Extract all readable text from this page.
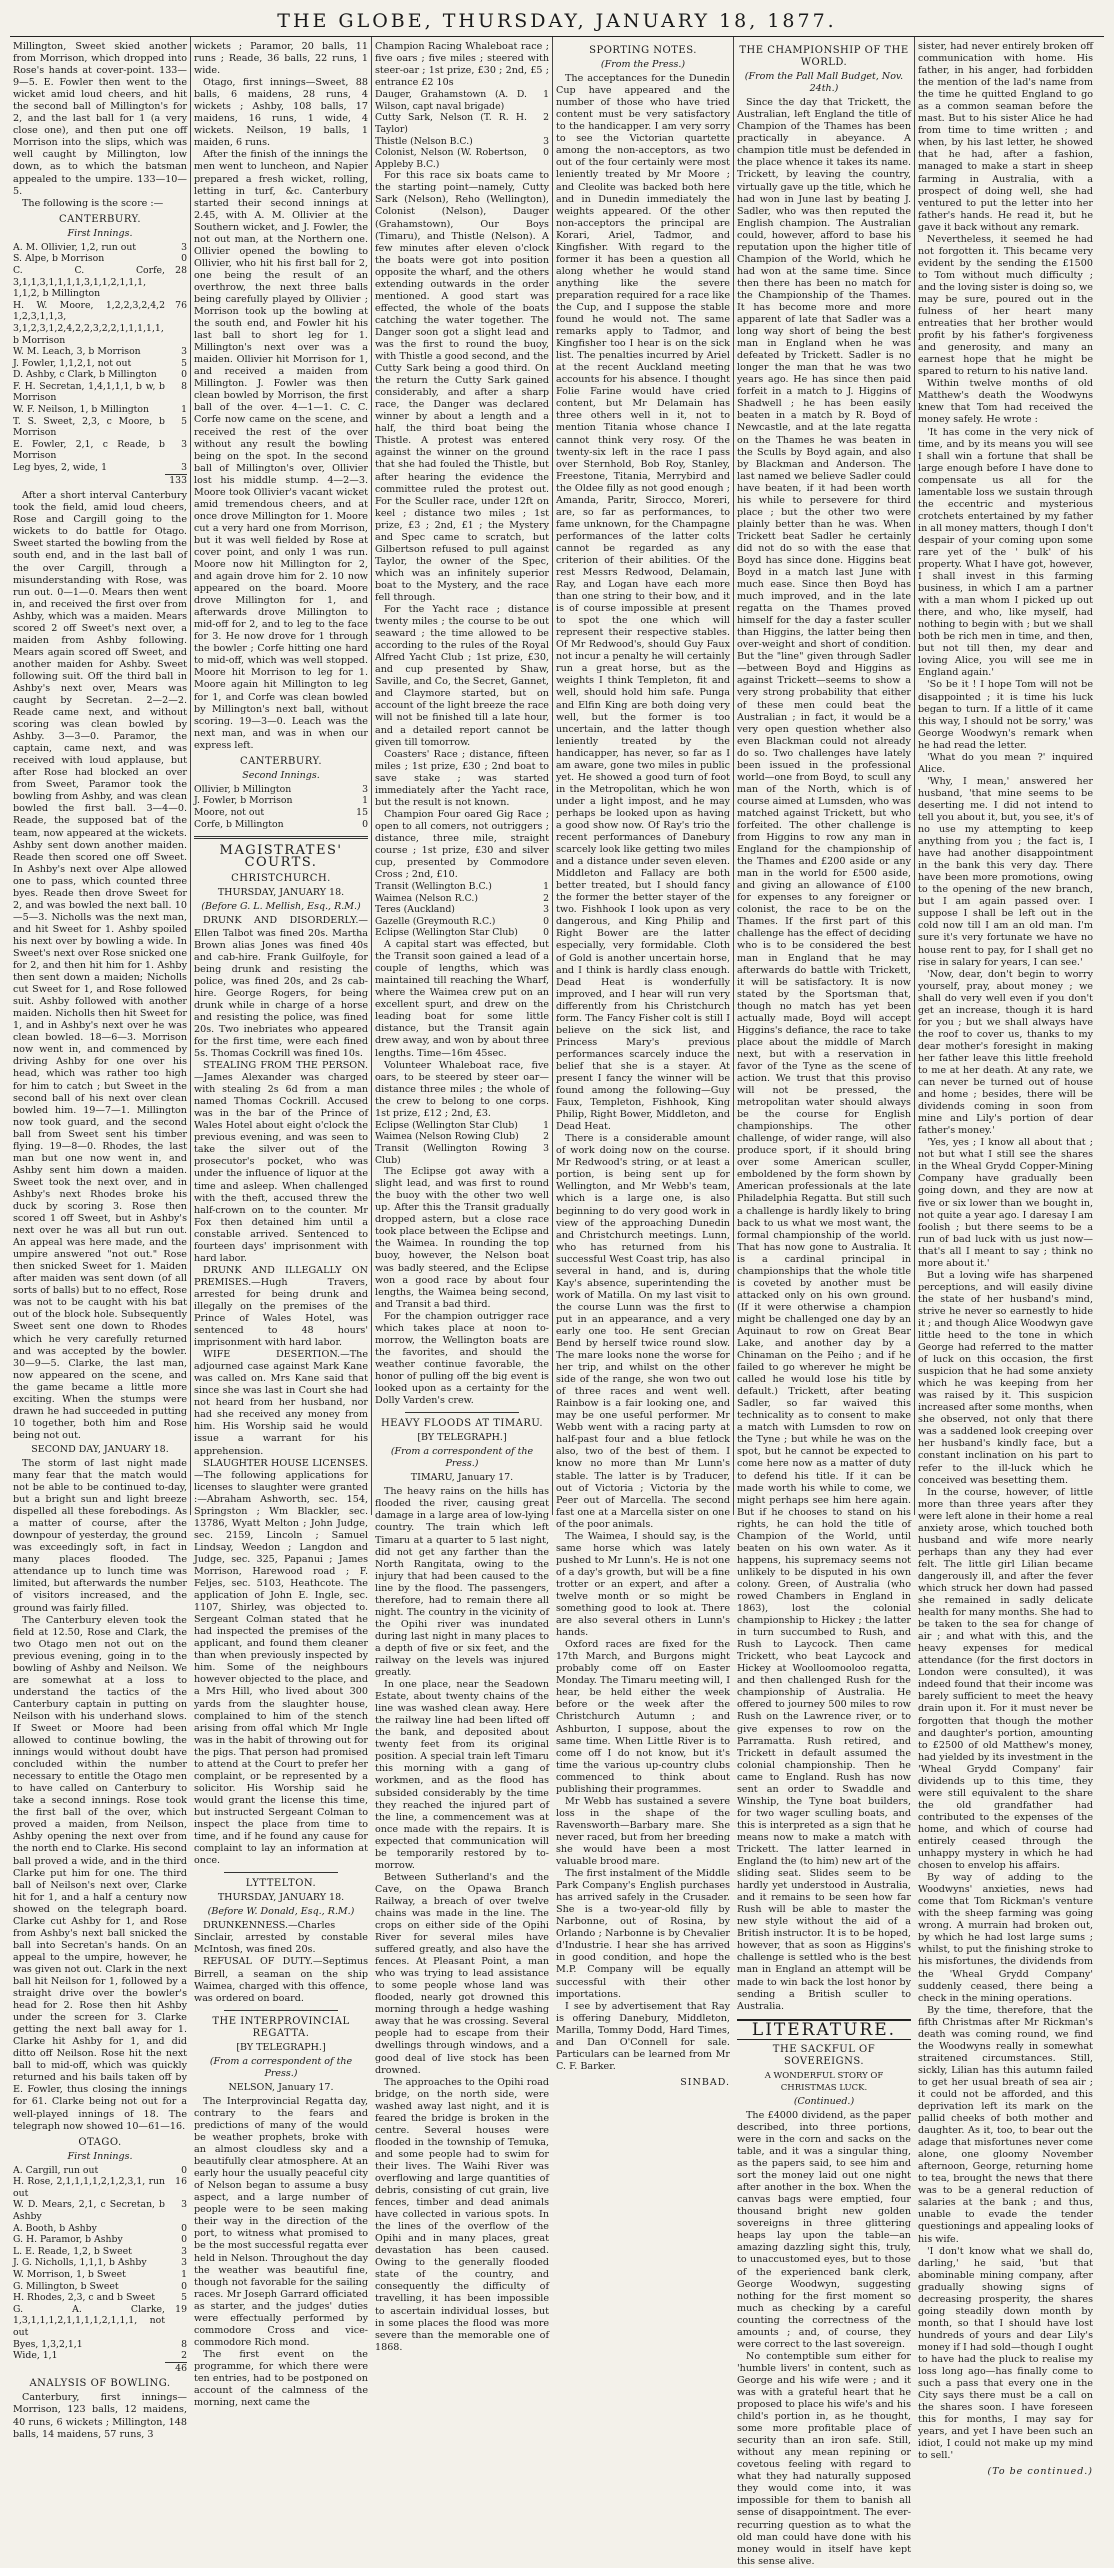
THE GLOBE, THURSDAY, JANUARY 18, 1877.

Millington, Sweet skied another from Morrison, which dropped into Rose's hands at cover-point. 133—9—5. E. Fowler then went to the wicket amid loud cheers, and hit the second ball of Millington's for 2, and the last ball for 1 (a very close one), and then put one off Morrison into the slips, which was well caught by Millington, low down, as to which the batsman appealed to the umpire. 133—10—5.

The following is the score :—

CANTERBURY.
First Innings.
A. M. Ollivier, 1,2, run out	3
S. Alpe, b Morrison	0
C. C. Corfe, 3,1,1,3,1,1,1,1,3,1,1,2,1,1,1, 1,1,2, b Millington
28
H. W. Moore, 1,2,2,3,2,4,2 1,2,3,1,1,3, 3,1,2,3,1,2,4,2,2,3,2,2,1,1,1,1,1, b Morrison
76
W. M. Leach, 3, b Morrison	3
J. Fowler, 1,1,2,1, not out	5
D. Ashby, c Clark, b Millington	0
F. H. Secretan, 1,4,1,1,1, b w, b Morrison
8
W. F. Neilson, 1, b Millington	1
T. S. Sweet, 2,3, c Moore, b Morrison
5
E. Fowler, 2,1, c Reade, b Morrison
3
Leg byes, 2, wide, 1	3
133

After a short interval Canterbury took the field, amid loud cheers, Rose and Cargill going to the wickets to do battle for Otago. Sweet started the bowling from the south end, and in the last ball of the over Cargill, through a misunderstanding with Rose, was run out. 0—1—0. Mears then went in, and received the first over from Ashby, which was a maiden. Mears scored 2 off Sweet's next over, a maiden from Ashby following. Mears again scored off Sweet, and another maiden for Ashby. Sweet following suit. Off the third ball in Ashby's next over, Mears was caught by Secretan. 2—2—2. Reade came next, and without scoring was clean bowled by Ashby. 3—3—0. Paramor, the captain, came next, and was received with loud applause, but after Rose had blocked an over from Sweet, Paramor took the bowling from Ashby, and was clean bowled the first ball. 3—4—0. Reade, the supposed bat of the team, now appeared at the wickets. Ashby sent down another maiden. Reade then scored one off Sweet. In Ashby's next over Alpe allowed one to pass, which counted three byes. Reade then drove Sweet for 2, and was bowled the next ball. 10—5—3. Nicholls was the next man, and hit Sweet for 1. Ashby spoiled his next over by bowling a wide. In Sweet's next over Rose snicked one for 2, and then hit him for 1. Ashby then sent down a maiden; Nicholls cut Sweet for 1, and Rose followed suit. Ashby followed with another maiden. Nicholls then hit Sweet for 1, and in Ashby's next over he was clean bowled. 18—6—3. Morrison now went in, and commenced by driving Ashby for one over his head, which was rather too high for him to catch ; but Sweet in the second ball of his next over clean bowled him. 19—7—1. Millington now took guard, and the second ball from Sweet sent his timber flying. 19—8—0. Rhodes, the last man but one now went in, and Ashby sent him down a maiden. Sweet took the next over, and in Ashby's next Rhodes broke his duck by scoring 3. Rose then scored 1 off Sweet, but in Ashby's next over he was all but run out. An appeal was here made, and the umpire answered "not out." Rose then snicked Sweet for 1. Maiden after maiden was sent down (of all sorts of balls) but to no effect, Rose was not to be caught with his bat out of the block hole. Subsequently Sweet sent one down to Rhodes which he very carefully returned and was accepted by the bowler. 30—9—5. Clarke, the last man, now appeared on the scene, and the game became a little more exciting. When the stumps were drawn he had succeeded in putting 10 together, both him and Rose being not out.

SECOND DAY, JANUARY 18.

The storm of last night made many fear that the match would not be able to be continued to-day, but a bright sun and light breeze dispelled all these forebodings. As a matter of course, after the downpour of yesterday, the ground was exceedingly soft, in fact in many places flooded. The attendance up to lunch time was limited, but afterwards the number of visitors increased, and the ground was fairly filled.

The Canterbury eleven took the field at 12.50, Rose and Clark, the two Otago men not out on the previous evening, going in to the bowling of Ashby and Neilson. We are somewhat at a loss to understand the tactics of the Canterbury captain in putting on Neilson with his underhand slows. If Sweet or Moore had been allowed to continue bowling, the innings would without doubt have concluded within the number necessary to entitle the Otago men to have called on Canterbury to take a second innings. Rose took the first ball of the over, which proved a maiden, from Neilson, Ashby opening the next over from the north end to Clarke. His second ball proved a wide, and in the third Clarke put him for one. The third ball of Neilson's next over, Clarke hit for 1, and a half a century now showed on the telegraph board. Clarke cut Ashby for 1, and Rose from Ashby's next ball snicked the ball into Secretan's hands. On an appeal to the umpire, however, he was given not out. Clark in the next ball hit Neilson for 1, followed by a straight drive over the bowler's head for 2. Rose then hit Ashby under the screen for 3. Clarke getting the next ball away for 1. Clarke hit Ashby for 1, and did ditto off Neilson. Rose hit the next ball to mid-off, which was quickly returned and his bails taken off by E. Fowler, thus closing the innings for 61. Clarke being not out for a well-played innings of 18. The telegraph now showed 10—61—16.

OTAGO.
First Innings.
A. Cargill, run out	0
H. Rose, 2,1,1,1,1,2,1,2,3,1, run out
16
W. D. Mears, 2,1, c Secretan, b Ashby
3
A. Booth, b Ashby	0
G. H. Paramor, b Ashby	0
L. E. Reade, 1,2, b Sweet	3
J. G. Nicholls, 1,1,1, b Ashby	3
W. Morrison, 1, b Sweet	1
G. Millington, b Sweet	0
H. Rhodes, 2,3, c and b Sweet	5
G. A. Clarke, 1,3,1,1,1,2,1,1,1,1,2,1,1,1, not out
19
Byes, 1,3,2,1,1	8
Wide, 1,1	2
46
ANALYSIS OF BOWLING.

Canterbury, first innings—Morrison, 123 balls, 12 maidens, 40 runs, 6 wickets ; Millington, 148 balls, 14 maidens, 57 runs, 3

wickets ; Paramor, 20 balls, 11 runs ; Reade, 36 balls, 22 runs, 1 wide.

Otago, first innings—Sweet, 88 balls, 6 maidens, 28 runs, 4 wickets ; Ashby, 108 balls, 17 maidens, 16 runs, 1 wide, 4 wickets. Neilson, 19 balls, 1 maiden, 6 runs.

After the finish of the innings the men went to luncheon, and Napier prepared a fresh wicket, rolling, letting in turf, &c. Canterbury started their second innings at 2.45, with A. M. Ollivier at the Southern wicket, and J. Fowler, the not out man, at the Northern one. Ollivier opened the bowling to Ollivier, who hit his first ball for 2, one being the result of an overthrow, the next three balls being carefully played by Ollivier ; Morrison took up the bowling at the south end, and Fowler hit his last ball to short leg for 1. Millington's next over was a maiden. Ollivier hit Morrison for 1, and received a maiden from Millington. J. Fowler was then clean bowled by Morrison, the first ball of the over. 4—1—1. C. C. Corfe now came on the scene, and received the rest of the over without any result the bowling being on the spot. In the second ball of Millington's over, Ollivier lost his middle stump. 4—2—3. Moore took Ollivier's vacant wicket amid tremendous cheers, and at once drove Millington for 1. Moore cut a very hard one from Morrison, but it was well fielded by Rose at cover point, and only 1 was run. Moore now hit Millington for 2, and again drove him for 2. 10 now appeared on the board. Moore drove Millington for 1, and afterwards drove Millington to mid-off for 2, and to leg to the face for 3. He now drove for 1 through the bowler ; Corfe hitting one hard to mid-off, which was well stopped. Moore hit Morrison to leg for 1. Moore again hit Millington to leg for 1, and Corfe was clean bowled by Millington's next ball, without scoring. 19—3—0. Leach was the next man, and was in when our express left.

CANTERBURY.
Second Innings.
Ollivier, b Millington	3
J. Fowler, b Morrison	1
Moore, not out	15
Corfe, b Millington	0
MAGISTRATES' COURTS.
CHRISTCHURCH.
THURSDAY, JANUARY 18.
(Before G. L. Mellish, Esq., R.M.)

DRUNK AND DISORDERLY.—Ellen Talbot was fined 20s. Martha Brown alias Jones was fined 40s and cab-hire. Frank Guilfoyle, for being drunk and resisting the police, was fined 20s, and 2s cab-hire. George Rogers, for being drunk while in charge of a horse and resisting the police, was fined 20s. Two inebriates who appeared for the first time, were each fined 5s. Thomas Cockrill was fined 10s.

STEALING FROM THE PERSON.—James Alexander was charged with stealing 2s 6d from a man named Thomas Cockrill. Accused was in the bar of the Prince of Wales Hotel about eight o'clock the previous evening, and was seen to take the silver out of the prosecutor's pocket, who was under the influence of liquor at the time and asleep. When challenged with the theft, accused threw the half-crown on to the counter. Mr Fox then detained him until a constable arrived. Sentenced to fourteen days' imprisonment with hard labor.

DRUNK AND ILLEGALLY ON PREMISES.—Hugh Travers, arrested for being drunk and illegally on the premises of the Prince of Wales Hotel, was sentenced to 48 hours' imprisonment with hard labor.

WIFE DESERTION.—The adjourned case against Mark Kane was called on. Mrs Kane said that since she was last in Court she had not heard from her husband, nor had she received any money from him. His Worship said he would issue a warrant for his apprehension.

SLAUGHTER HOUSE LICENSES.—The following applications for licenses to slaughter were granted :—Abraham Ashworth, sec. 154, Springston ; Wm Blackler, sec. 13786, Wyatt Melton ; John Judge, sec. 2159, Lincoln ; Samuel Lindsay, Weedon ; Langdon and Judge, sec. 325, Papanui ; James Morrison, Harewood road ; F. Feljes, sec. 5103, Heathcote. The application of John E. Ingle, sec. 1107, Shirley, was objected to. Sergeant Colman stated that he had inspected the premises of the applicant, and found them cleaner than when previously inspected by him. Some of the neighbours however objected to the place, and a Mrs Hill, who lived about 300 yards from the slaughter house, complained to him of the stench arising from offal which Mr Ingle was in the habit of throwing out for the pigs. That person had promised to attend at the Court to prefer her complaint, or be represented by a solicitor. His Worship said he would grant the license this time, but instructed Sergeant Colman to inspect the place from time to time, and if he found any cause for complaint to lay an information at once.

LYTTELTON.
THURSDAY, JANUARY 18.
(Before W. Donald, Esq., R.M.)

DRUNKENNESS.—Charles Sinclair, arrested by constable McIntosh, was fined 20s.

REFUSAL OF DUTY.—Septimus Birrell, a seaman on the ship Waimea, charged with this offence, was ordered on board.

THE INTERPROVINCIAL REGATTA.
[BY TELEGRAPH.]
(From a correspondent of the Press.)
NELSON, January 17.

The Interprovincial Regatta day, contrary to the fears and predictions of many of the would be weather prophets, broke with an almost cloudless sky and a beautifully clear atmosphere. At an early hour the usually peaceful city of Nelson began to assume a busy aspect, and a large number of people were to be seen making their way in the direction of the port, to witness what promised to be the most successful regatta ever held in Nelson. Throughout the day the weather was beautiful fine, though not favorable for the sailing races. Mr Joseph Garrard officiated as starter, and the judges' duties were effectually performed by commodore Cross and vice-commodore Rich mond.

The first event on the programme, for which there were ten entries, had to be postponed on account of the calmness of the morning, next came the

Champion Racing Whaleboat race ; five oars ; five miles ; steered with steer-oar ; 1st prize, £30 ; 2nd, £5 ; entrance £2 10s

Dauger, Grahamstown (A. D. Wilson, capt naval brigade)
1
Cutty Sark, Nelson (T. R. H. Taylor)
2
Thistle (Nelson B.C.)	3
Colonist, Nelson (W. Robertson, Appleby B.C.)
0

For this race six boats came to the starting point—namely, Cutty Sark (Nelson), Reho (Wellington), Colonist (Nelson), Dauger (Grahamstown), Our Boys (Timaru), and Thistle (Nelson). A few minutes after eleven o'clock the boats were got into position opposite the wharf, and the others extending outwards in the order mentioned. A good start was effected, the whole of the boats catching the water together. The Danger soon got a slight lead and was the first to round the buoy, with Thistle a good second, and the Cutty Sark being a good third. On the return the Cutty Sark gained considerably, and after a sharp race, the Danger was declared winner by about a length and a half, the third boat being the Thistle. A protest was entered against the winner on the ground that she had fouled the Thistle, but after hearing the evidence the committee ruled the protest out. For the Sculler race, under 12ft on keel ; distance two miles ; 1st prize, £3 ; 2nd, £1 ; the Mystery and Spec came to scratch, but Gilbertson refused to pull against Taylor, the owner of the Spec, which was an infinitely superior boat to the Mystery, and the race fell through.

For the Yacht race ; distance twenty miles ; the course to be out seaward ; the time allowed to be according to the rules of the Royal Alfred Yacht Club ; 1st prize, £30, and cup presented by Shaw, Saville, and Co, the Secret, Gannet, and Claymore started, but on account of the light breeze the race will not be finished till a late hour, and a detailed report cannot be given till tomorrow.

Coasters' Race ; distance, fifteen miles ; 1st prize, £30 ; 2nd boat to save stake ; was started immediately after the Yacht race, but the result is not known.

Champion Four oared Gig Race ; open to all comers, not outriggers ; distance, three mile, straight course ; 1st prize, £30 and silver cup, presented by Commodore Cross ; 2nd, £10.

Transit (Wellington B.C.)	1
Waimea (Nelson R.C.)	2
Teres (Auckland)	3
Gazelle (Greymouth R.C.)	0
Eclipse (Wellington Star Club)	0

A capital start was effected, but the Transit soon gained a lead of a couple of lengths, which was maintained till reaching the Wharf, where the Waimea crew put on an excellent spurt, and drew on the leading boat for some little distance, but the Transit again drew away, and won by about three lengths. Time—16m 45sec.

Volunteer Whaleboat race, five oars, to be steered by steer oar—distance three miles ; the whole of the crew to belong to one corps. 1st prize, £12 ; 2nd, £3.

Eclipse (Wellington Star Club)	1
Waimea (Nelson Rowing Club)	2
Transit (Wellington Rowing Club)
3

The Eclipse got away with a slight lead, and was first to round the buoy with the other two well up. After this the Transit gradually dropped astern, but a close race took place between the Eclipse and the Waimea. In rounding the top buoy, however, the Nelson boat was badly steered, and the Eclipse won a good race by about four lengths, the Waimea being second, and Transit a bad third.

For the champion outrigger race which takes place at noon to-morrow, the Wellington boats are the favorites, and should the weather continue favorable, the honor of pulling off the big event is looked upon as a certainty for the Dolly Varden's crew.

HEAVY FLOODS AT TIMARU.
[BY TELEGRAPH.]
(From a correspondent of the Press.)
TIMARU, January 17.

The heavy rains on the hills has flooded the river, causing great damage in a large area of low-lying country. The train which left Timaru at a quarter to 5 last night, did not get any farther than the North Rangitata, owing to the injury that had been caused to the line by the flood. The passengers, therefore, had to remain there all night. The country in the vicinity of the Opihi river was inundated during last night in many places to a depth of five or six feet, and the railway on the levels was injured greatly.

In one place, near the Seadown Estate, about twenty chains of the line was washed clean away. Here the railway line had been lifted off the bank, and deposited about twenty feet from its original position. A special train left Timaru this morning with a gang of workmen, and as the flood has subsided considerably by the time they reached the injured part of the line, a commencement was at once made with the repairs. It is expected that communication will be temporarily restored by to-morrow.

Between Sutherland's and the Cave, on the Opawa Branch Railway, a breach of over twelve chains was made in the line. The crops on either side of the Opihi River for several miles have suffered greatly, and also have the fences. At Pleasant Point, a man who was trying to lead assistance to some people whose land was flooded, nearly got drowned this morning through a hedge washing away that he was crossing. Several people had to escape from their dwellings through windows, and a good deal of live stock has been drowned.

The approaches to the Opihi road bridge, on the north side, were washed away last night, and it is feared the bridge is broken in the centre. Several houses were flooded in the township of Temuka, and some people had to swim for their lives. The Waihi River was overflowing and large quantities of debris, consisting of cut grain, live fences, timber and dead animals have collected in various spots. In the lines of the overflow of the Opihi and in many places, great devastation has been caused. Owing to the generally flooded state of the country, and consequently the difficulty of travelling, it has been impossible to ascertain individual losses, but in some places the flood was more severe than the memorable one of 1868.

SPORTING NOTES.
(From the Press.)

The acceptances for the Dunedin Cup have appeared and the number of those who have tried content must be very satisfactory to the handicapper. I am very sorry to see the Victorian quartette among the non-acceptors, as two out of the four certainly were most leniently treated by Mr Moore ; and Cleolite was backed both here and in Dunedin immediately the weights appeared. Of the other non-acceptors the principal are Korari, Ariel, Tadmor, and Kingfisher. With regard to the former it has been a question all along whether he would stand anything like the severe preparation required for a race like the Cup, and I suppose the stable found he would not. The same remarks apply to Tadmor, and Kingfisher too I hear is on the sick list. The penalties incurred by Ariel at the recent Auckland meeting accounts for his absence. I thought Folie Farine would have cried content, but Mr Delamain has three others well in it, not to mention Titania whose chance I cannot think very rosy. Of the twenty-six left in the race I pass over Sternhold, Bob Roy, Stanley, Freestone, Titania, Merrybird and the Oldee filly as not good enough ; Amanda, Paritr, Sirocco, Moreri, are, so far as performances, to fame unknown, for the Champagne performances of the latter colts cannot be regarded as any criterion of their abilities. Of the rest Messrs Redwood, Delamain, Ray, and Logan have each more than one string to their bow, and it is of course impossible at present to spot the one which will represent their respective stables. Of Mr Redwood's, should Guy Faux not incur a penalty he will certainly run a great horse, but as the weights I think Templeton, fit and well, should hold him safe. Punga and Elfin King are both doing very well, but the former is too uncertain, and the latter though leniently treated by the handicapper, has never, so far as I am aware, gone two miles in public yet. He showed a good turn of foot in the Metropolitan, which he won under a light impost, and he may perhaps be looked upon as having a good show now. Of Ray's trio the recent performances of Danebury scarcely look like getting two miles and a distance under seven eleven. Middleton and Fallacy are both better treated, but I should fancy the former the better stayer of the two. Fishhook I look upon as very dangerous, and King Philip and Right Bower are the latter especially, very formidable. Cloth of Gold is another uncertain horse, and I think is hardly class enough. Dead Heat is wonderfully improved, and I hear will run very differently from his Christchurch form. The Fancy Fisher colt is still I believe on the sick list, and Princess Mary's previous performances scarcely induce the belief that she is a stayer. At present I fancy the winner will be found among the following—Guy Faux, Templeton, Fishhook, King Philip, Right Bower, Middleton, and Dead Heat.

There is a considerable amount of work doing now on the course. Mr Redwood's string, or at least a portion, is being sent up for Wellington, and Mr Webb's team, which is a large one, is also beginning to do very good work in view of the approaching Dunedin and Christchurch meetings. Lunn, who has returned from his successful West Coast trip, has also several in hand, and is, during Kay's absence, superintending the work of Matilla. On my last visit to the course Lunn was the first to put in an appearance, and a very early one too. He sent Grecian Bend by herself twice round slow. The mare looks none the worse for her trip, and whilst on the other side of the range, she won two out of three races and went well. Rainbow is a fair looking one, and may be one useful performer. Mr Webb went with a racing party at half-past four and a blue fetlock also, two of the best of them. I know no more than Mr Lunn's stable. The latter is by Traducer, out of Victoria ; Victoria by the Peer out of Marcella. The second fast one at a Marcella sister on one of the poor animals.

The Waimea, I should say, is the same horse which was lately pushed to Mr Lunn's. He is not one of a day's growth, but will be a fine trotter or an expert, and after a twelve month or so might be something good to look at. There are also several others in Lunn's hands.

Oxford races are fixed for the 17th March, and Burgons might probably come off on Easter Monday. The Timaru meeting will, I hear, be held either the week before or the week after the Christchurch Autumn ; and Ashburton, I suppose, about the same time. When Little River is to come off I do not know, but it's time the various up-country clubs commenced to think about publishing their programmes.

Mr Webb has sustained a severe loss in the shape of the Ravensworth—Barbary mare. She never raced, but from her breeding she would have been a most valuable brood mare.

The first instalment of the Middle Park Company's English purchases has arrived safely in the Crusader. She is a two-year-old filly by Narbonne, out of Rosina, by Orlando ; Narbonne is by Chevalier d'Industrie. I hear she has arrived in good condition, and hope the M.P. Company will be equally successful with their other importations.

I see by advertisement that Ray is offering Danebury, Middleton, Marilla, Tommy Dodd, Hard Times, and Dan O'Connell for sale. Particulars can be learned from Mr C. F. Barker.

SINBAD.
THE CHAMPIONSHIP OF THE WORLD.
(From the Pall Mall Budget, Nov. 24th.)

Since the day that Trickett, the Australian, left England the title of Champion of the Thames has been practically in abeyance. A champion title must be defended in the place whence it takes its name. Trickett, by leaving the country, virtually gave up the title, which he had won in June last by beating J. Sadler, who was then reputed the English champion. The Australian could, however, afford to base his reputation upon the higher title of Champion of the World, which he had won at the same time. Since then there has been no match for the Championship of the Thames. It has become more and more apparent of late that Sadler was a long way short of being the best man in England when he was defeated by Trickett. Sadler is no longer the man that he was two years ago. He has since then paid forfeit in a match to J. Higgins of Shadwell ; he has been easily beaten in a match by R. Boyd of Newcastle, and at the late regatta on the Thames he was beaten in the Sculls by Boyd again, and also by Blackman and Anderson. The last named we believe Sadler could have beaten, if it had been worth his while to persevere for third place ; but the other two were plainly better than he was. When Trickett beat Sadler he certainly did not do so with the ease that Boyd has since done. Higgins beat Boyd in a match last June with much ease. Since then Boyd has much improved, and in the late regatta on the Thames proved himself for the day a faster sculler than Higgins, the latter being then over-weight and short of condition. But the "line" given through Sadler—between Boyd and Higgins as against Trickett—seems to show a very strong probability that either of these men could beat the Australian ; in fact, it would be a very open question whether also even Blackman could not already do so. Two challenges have lately been issued in the professional world—one from Boyd, to scull any man of the North, which is of course aimed at Lumsden, who was matched against Trickett, but who forfeited. The other challenge is from Higgins to row any man in England for the championship of the Thames and £200 aside or any man in the world for £500 aside, and giving an allowance of £100 for expenses to any foreigner or colonist, the race to be on the Thames. If the first part of this challenge has the effect of deciding who is to be considered the best man in England that he may afterwards do battle with Trickett, it will be satisfactory. It is now stated by the Sportsman that, though no match has yet been actually made, Boyd will accept Higgins's defiance, the race to take place about the middle of March next, but with a reservation in favor of the Tyne as the scene of action. We trust that this proviso will not be pressed, the metropolitan water should always be the course for English championships. The other challenge, of wider range, will also produce sport, if it should bring over some American sculler, emboldened by the form shown by American professionals at the late Philadelphia Regatta. But still such a challenge is hardly likely to bring back to us what we most want, the formal championship of the world. That has now gone to Australia. It is a cardinal principal in championships that the whole title is coveted by another must be attacked only on his own ground. (If it were otherwise a champion might be challenged one day by an Aquinaut to row on Great Bear Lake, and another day by a Chinaman on the Peiho ; and if he failed to go wherever he might be called he would lose his title by default.) Trickett, after beating Sadler, so far waived this technicality as to consent to make a match with Lumsden to row on the Tyne ; but while he was on the spot, but he cannot be expected to come here now as a matter of duty to defend his title. If it can be made worth his while to come, we might perhaps see him here again. But if he chooses to stand on his rights, he can hold the title of Champion of the World, until beaten on his own water. As it happens, his supremacy seems not unlikely to be disputed in his own colony. Green, of Australia (who rowed Chambers in England in 1863), lost the colonial championship to Hickey ; the latter in turn succumbed to Rush, and Rush to Laycock. Then came Trickett, who beat Laycock and Hickey at Woolloomooloo regatta, and then challenged Rush for the championship of Australia. He offered to journey 500 miles to row Rush on the Lawrence river, or to give expenses to row on the Parramatta. Rush retired, and Trickett in default assumed the colonial championship. Then he came to England. Rush has now sent an order to Swaddle and Winship, the Tyne boat builders, for two wager sculling boats, and this is interpreted as a sign that he means now to make a match with Trickett. The latter learned in England the (to him) new art of the sliding seat. Slides seem to be hardly yet understood in Australia, and it remains to be seen how far Rush will be able to master the new style without the aid of a British instructor. It is to be hoped, however, that as soon as Higgins's challenge is settled who is the best man in England an attempt will be made to win back the lost honor by sending a British sculler to Australia.

LITERATURE.
THE SACKFUL OF SOVEREIGNS.
A WONDERFUL STORY OF CHRISTMAS LUCK.
(Continued.)

The £4000 dividend, as the paper described, into three portions, were in the corn and sacks on the table, and it was a singular thing, as the papers said, to see him and sort the money laid out one night after another in the box. When the canvas bags were emptied, four thousand bright new golden sovereigns in three glittering heaps lay upon the table—an amazing dazzling sight this, truly, to unaccustomed eyes, but to those of the experienced bank clerk, George Woodwyn, suggesting nothing for the first moment so much as checking by a careful counting the correctness of the amounts ; and, of course, they were correct to the last sovereign.

No contemptible sum either for 'humble livers' in content, such as George and his wife were ; and it was with a grateful heart that he proposed to place his wife's and his child's portion in, as he thought, some more profitable place of security than an iron safe. Still, without any mean repining or covetous feeling with regard to what they had naturally supposed they would come into, it was impossible for them to banish all sense of disappointment. The ever-recurring question as to what the old man could have done with his money would in itself have kept this sense alive.

sister, had never entirely broken off communication with home. His father, in his anger, had forbidden the mention of the lad's name from the time he quitted England to go as a common seaman before the mast. But to his sister Alice he had from time to time written ; and when, by his last letter, he showed that he had, after a fashion, managed to make a start in sheep farming in Australia, with a prospect of doing well, she had ventured to put the letter into her father's hands. He read it, but he gave it back without any remark.

Nevertheless, it seemed he had not forgotten it. This became very evident by the sending the £1500 to Tom without much difficulty ; and the loving sister is doing so, we may be sure, poured out in the fulness of her heart many entreaties that her brother would profit by his father's forgiveness and generosity, and many an earnest hope that he might be spared to return to his native land.

Within twelve months of old Matthew's death the Woodwyns knew that Tom had received the money safely. He wrote :

'It has come in the very nick of time, and by its means you will see I shall win a fortune that shall be large enough before I have done to compensate us all for the lamentable loss we sustain through the eccentric and mysterious crotchets entertained by my father in all money matters, though I don't despair of your coming upon some rare yet of the ' bulk' of his property. What I have got, however, I shall invest in this farming business, in which I am a partner with a man whom I picked up out there, and who, like myself, had nothing to begin with ; but we shall both be rich men in time, and then, but not till then, my dear and loving Alice, you will see me in England again.'

'So be it ! I hope Tom will not be disappointed ; it is time his luck began to turn. If a little of it came this way, I should not be sorry,' was George Woodwyn's remark when he had read the letter.

'What do you mean ?' inquired Alice.

'Why, I mean,' answered her husband, 'that mine seems to be deserting me. I did not intend to tell you about it, but, you see, it's of no use my attempting to keep anything from you ; the fact is, I have had another disappointment in the bank this very day. There have been more promotions, owing to the opening of the new branch, but I am again passed over. I suppose I shall be left out in the cold now till I am an old man. I'm sure it's very fortunate we have no house rent to pay, for I shall get no rise in salary for years, I can see.'

'Now, dear, don't begin to worry yourself, pray, about money ; we shall do very well even if you don't get an increase, though it is hard for you ; but we shall always have the roof to cover us, thanks to my dear mother's foresight in making her father leave this little freehold to me at her death. At any rate, we can never be turned out of house and home ; besides, there will be dividends coming in soon from mine and Lily's portion of dear father's money.'

'Yes, yes ; I know all about that ; not but what I still see the shares in the Wheal Grydd Copper-Mining Company have gradually been going down, and they are now at five or six lower than we bought in, not quite a year ago. I daresay I am foolish ; but there seems to be a run of bad luck with us just now—that's all I meant to say ; think no more about it.'

But a loving wife has sharpened perceptions, and will easily divine the state of her husband's mind, strive he never so earnestly to hide it ; and though Alice Woodwyn gave little heed to the tone in which George had referred to the matter of luck on this occasion, the first suspicion that he had some anxiety which he was keeping from her was raised by it. This suspicion increased after some months, when she observed, not only that there was a saddened look creeping over her husband's kindly face, but a constant inclination on his part to refer to the ill-luck which he conceived was besetting them.

In the course, however, of little more than three years after they were left alone in their home a real anxiety arose, which touched both husband and wife more nearly perhaps than any they had ever felt. The little girl Lilian became dangerously ill, and after the fever which struck her down had passed she remained in sadly delicate health for many months. She had to be taken to the sea for change of air ; and what with this, and the heavy expenses for medical attendance (for the first doctors in London were consulted), it was indeed found that their income was barely sufficient to meet the heavy drain upon it. For it must never be forgotten that though the mother and daughter's portion, amounting to £2500 of old Matthew's money, had yielded by its investment in the 'Wheal Grydd Company' fair dividends up to this time, they were still equivalent to the share the old grandfather had contributed to the expenses of the home, and which of course had entirely ceased through the unhappy mystery in which he had chosen to envelop his affairs.

By way of adding to the Woodwyns' anxieties, news had come that Tom Rickman's venture with the sheep farming was going wrong. A murrain had broken out, by which he had lost large sums ; whilst, to put the finishing stroke to his misfortunes, the dividends from the 'Wheal Grydd Company' suddenly ceased, there being a check in the mining operations.

By the time, therefore, that the fifth Christmas after Mr Rickman's death was coming round, we find the Woodwyns really in somewhat straitened circumstances. Still, sickly, Lilian has this autumn failed to get her usual breath of sea air ; it could not be afforded, and this deprivation left its mark on the pallid cheeks of both mother and daughter. As it, too, to bear out the adage that misfortunes never come alone, one gloomy November afternoon, George, returning home to tea, brought the news that there was to be a general reduction of salaries at the bank ; and thus, unable to evade the tender questionings and appealing looks of his wife.

'I don't know what we shall do, darling,' he said, 'but that abominable mining company, after gradually showing signs of decreasing prosperity, the shares going steadily down month by month, so that I should have lost hundreds of yours and dear Lily's money if I had sold—though I ought to have had the pluck to realise my loss long ago—has finally come to such a pass that every one in the City says there must be a call on the shares soon. I have foreseen this for months, I may say for years, and yet I have been such an idiot, I could not make up my mind to sell.'

(To be continued.)
